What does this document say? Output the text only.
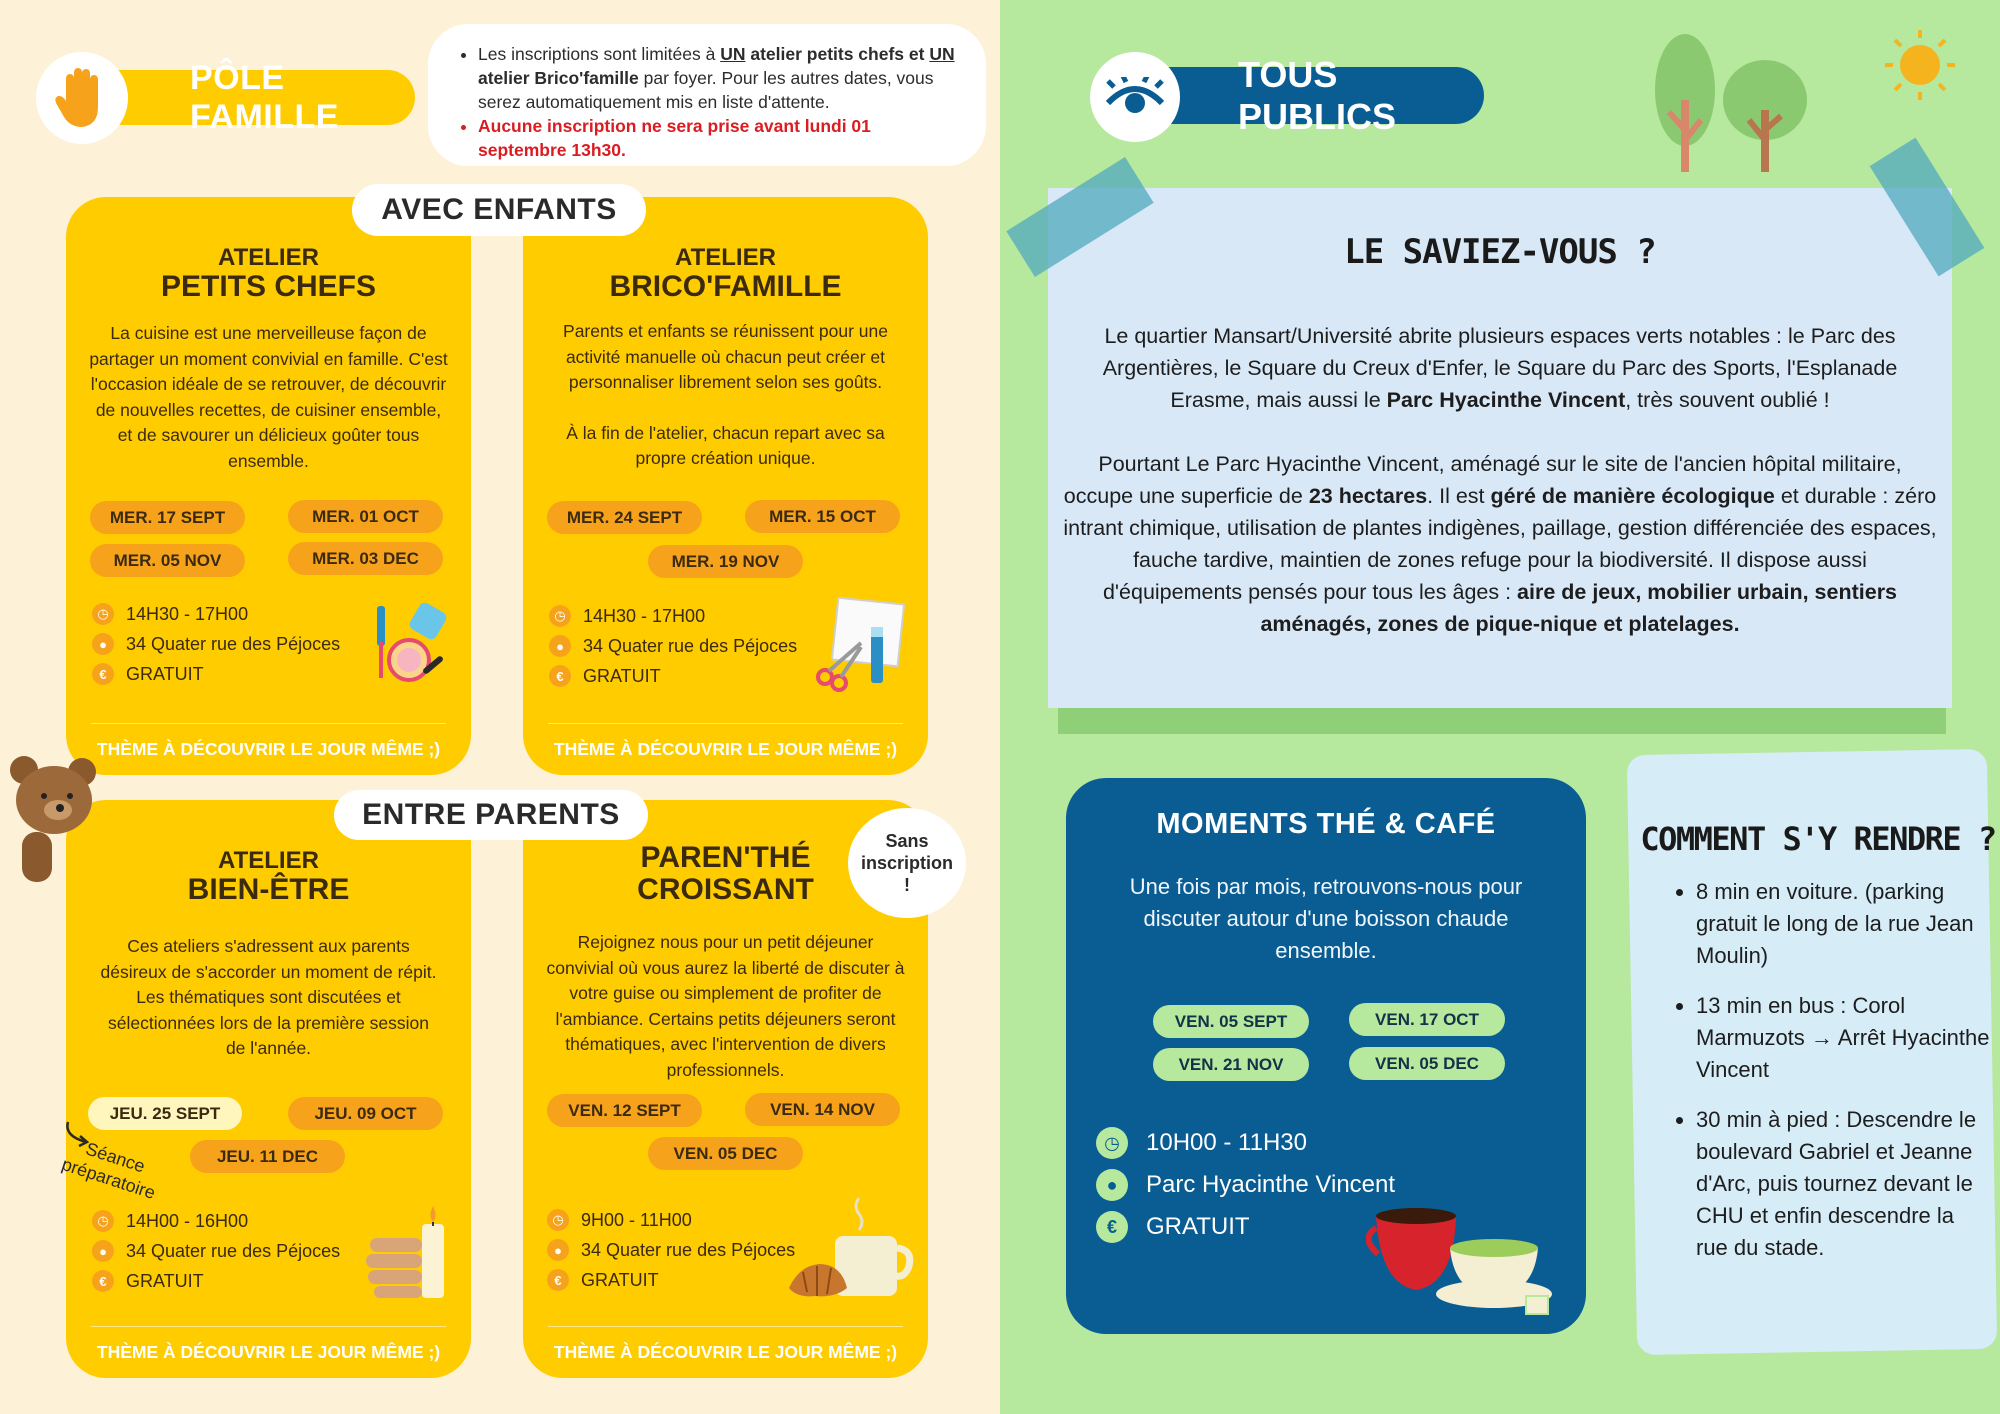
PÔLE FAMILLE
• Les inscriptions sont limitées à UN atelier petits chefs et UN atelier Brico'famille par foyer. Pour les autres dates, vous serez automatiquement mis en liste d'attente.
• Aucune inscription ne sera prise avant lundi 01 septembre 13h30.
ATELIER
PETITS CHEFS
La cuisine est une merveilleuse façon de partager un moment convivial en famille. C'est l'occasion idéale de se retrouver, de découvrir de nouvelles recettes, de cuisiner ensemble, et de savourer un délicieux goûter tous ensemble.
MER. 17 SEPT	MER. 01 OCT
MER. 05 NOV	MER. 03 DEC
◷ 14H30 - 17H00
●	34 Quater rue des Péjoces
€	GRATUIT
THÈME À DÉCOUVRIR LE JOUR MÊME ;)
ATELIER
BRICO'FAMILLE
Parents et enfants se réunissent pour une activité manuelle où chacun peut créer et personnaliser librement selon ses goûts.
À la fin de l'atelier, chacun repart avec sa propre création unique.
MER. 24 SEPT	MER. 15 OCT
MER. 19 NOV
◷ 14H30 - 17H00
●	34 Quater rue des Péjoces
€	GRATUIT
THÈME À DÉCOUVRIR LE JOUR MÊME ;)
AVEC ENFANTS
ATELIER
BIEN-ÊTRE
Ces ateliers s'adressent aux parents désireux de s'accorder un moment de répit. Les thématiques sont discutées et sélectionnées lors de la première session de l'année.
JEU. 25 SEPT	JEU. 09 OCT
JEU. 11 DEC
Séance préparatoire
◷ 14H00 - 16H00
●	34 Quater rue des Péjoces
€	GRATUIT
THÈME À DÉCOUVRIR LE JOUR MÊME ;)
PAREN'THÉ
CROISSANT
Rejoignez nous pour un petit déjeuner convivial où vous aurez la liberté de discuter à votre guise ou simplement de profiter de l'ambiance. Certains petits déjeuners seront thématiques, avec l'intervention de divers professionnels.
VEN. 12 SEPT	VEN. 14 NOV
VEN. 05 DEC
◷ 9H00 - 11H00
●	34 Quater rue des Péjoces
€	GRATUIT
THÈME À DÉCOUVRIR LE JOUR MÊME ;)
ENTRE PARENTS
Sans inscription !
TOUS PUBLICS
LE SAVIEZ-VOUS ?
Le quartier Mansart/Université abrite plusieurs espaces verts notables : le Parc des Argentières, le Square du Creux d'Enfer, le Square du Parc des Sports, l'Esplanade Erasme, mais aussi le Parc Hyacinthe Vincent, très souvent oublié !
Pourtant Le Parc Hyacinthe Vincent, aménagé sur le site de l'ancien hôpital militaire, occupe une superficie de 23 hectares. Il est géré de manière écologique et durable : zéro intrant chimique, utilisation de plantes indigènes, paillage, gestion différenciée des espaces, fauche tardive, maintien de zones refuge pour la biodiversité. Il dispose aussi d'équipements pensés pour tous les âges : aire de jeux, mobilier urbain, sentiers aménagés, zones de pique-nique et platelages.
MOMENTS THÉ & CAFÉ
Une fois par mois, retrouvons-nous pour discuter autour d'une boisson chaude ensemble.
VEN. 05 SEPT	VEN. 17 OCT
VEN. 21 NOV	VEN. 05 DEC
◷	10H00 - 11H30
●	Parc Hyacinthe Vincent
€	GRATUIT
COMMENT S'Y RENDRE ?
• 8 min en voiture. (parking gratuit le long de la rue Jean Moulin)
• 13 min en bus : Corol Marmuzots → Arrêt Hyacinthe Vincent
• 30 min à pied : Descendre le boulevard Gabriel et Jeanne d'Arc, puis tournez devant le CHU et enfin descendre la rue du stade.
